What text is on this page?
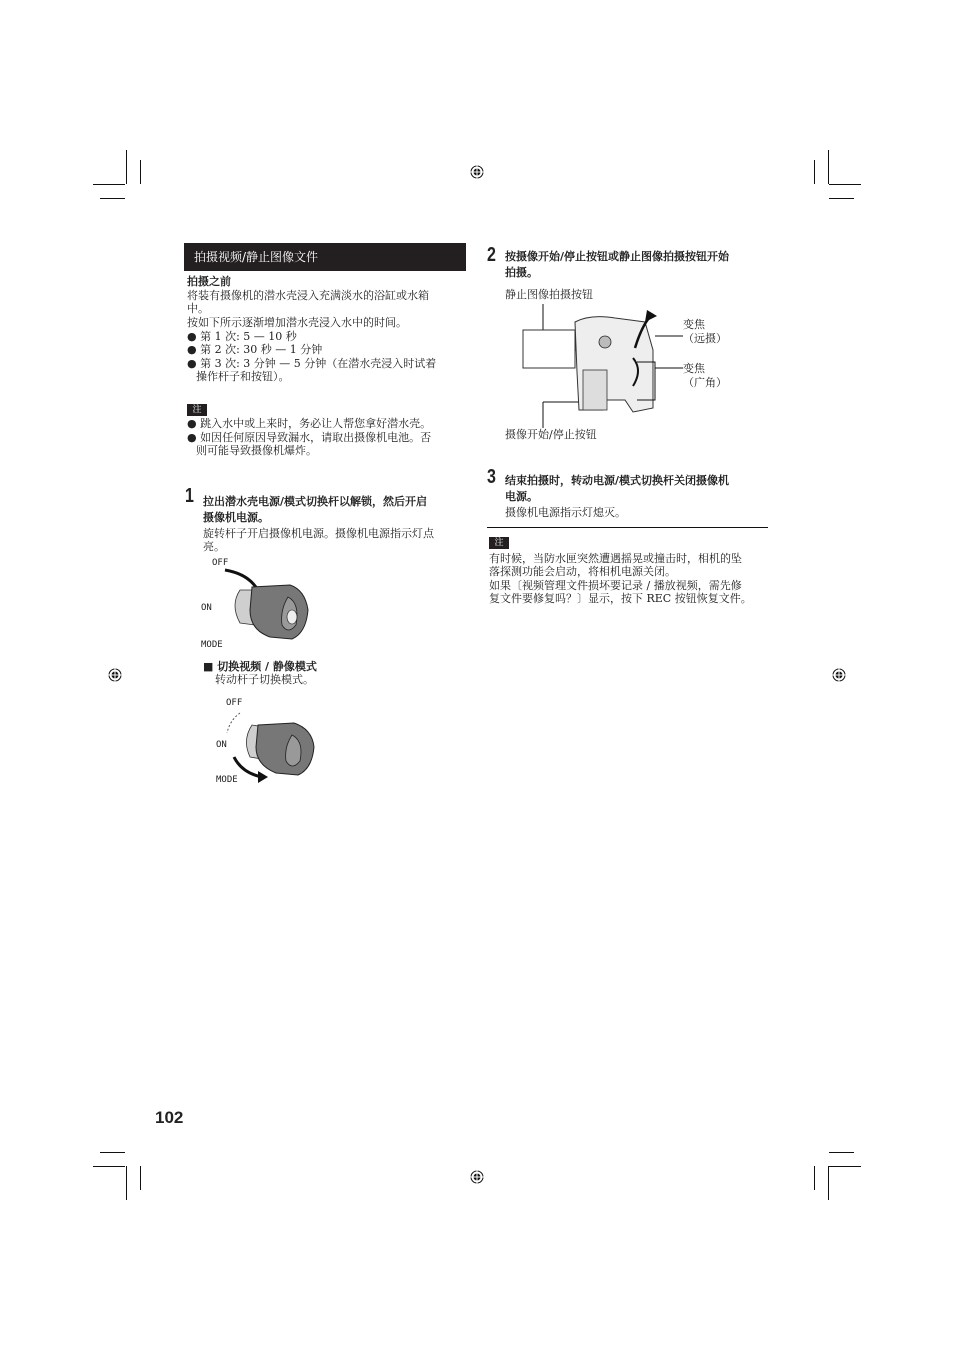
拍摄视频/静止图像文件
拍摄之前
将装有摄像机的潜水壳浸入充满淡水的浴缸或水箱
中。
按如下所示逐渐增加潜水壳浸入水中的时间。
● 第 1 次: 5 — 10 秒
● 第 2 次: 30 秒 — 1 分钟
● 第 3 次: 3 分钟 — 5 分钟（在潜水壳浸入时试着
操作杆子和按钮）。
注
● 跳入水中或上来时，务必让人帮您拿好潜水壳。
● 如因任何原因导致漏水，请取出摄像机电池。否
则可能导致摄像机爆炸。
1 拉出潜水壳电源/模式切换杆以解锁，然后开启
摄像机电源。
旋转杆子开启摄像机电源。摄像机电源指示灯点
亮。
OFF
ON
MODE
■ 切换视频 / 静像模式
转动杆子切换模式。
OFF
ON
MODE
2 按摄像开始/停止按钮或静止图像拍摄按钮开始
拍摄。
静止图像拍摄按钮
变焦
（远摄）
变焦
（广角）
摄像开始/停止按钮
3 结束拍摄时，转动电源/模式切换杆关闭摄像机
电源。
摄像机电源指示灯熄灭。
注
有时候，当防水匣突然遭遇摇晃或撞击时，相机的坠
落探测功能会启动，将相机电源关闭。
如果〔视频管理文件损坏要记录 / 播放视频，需先修
复文件要修复吗？〕显示，按下 REC 按钮恢复文件。
102
